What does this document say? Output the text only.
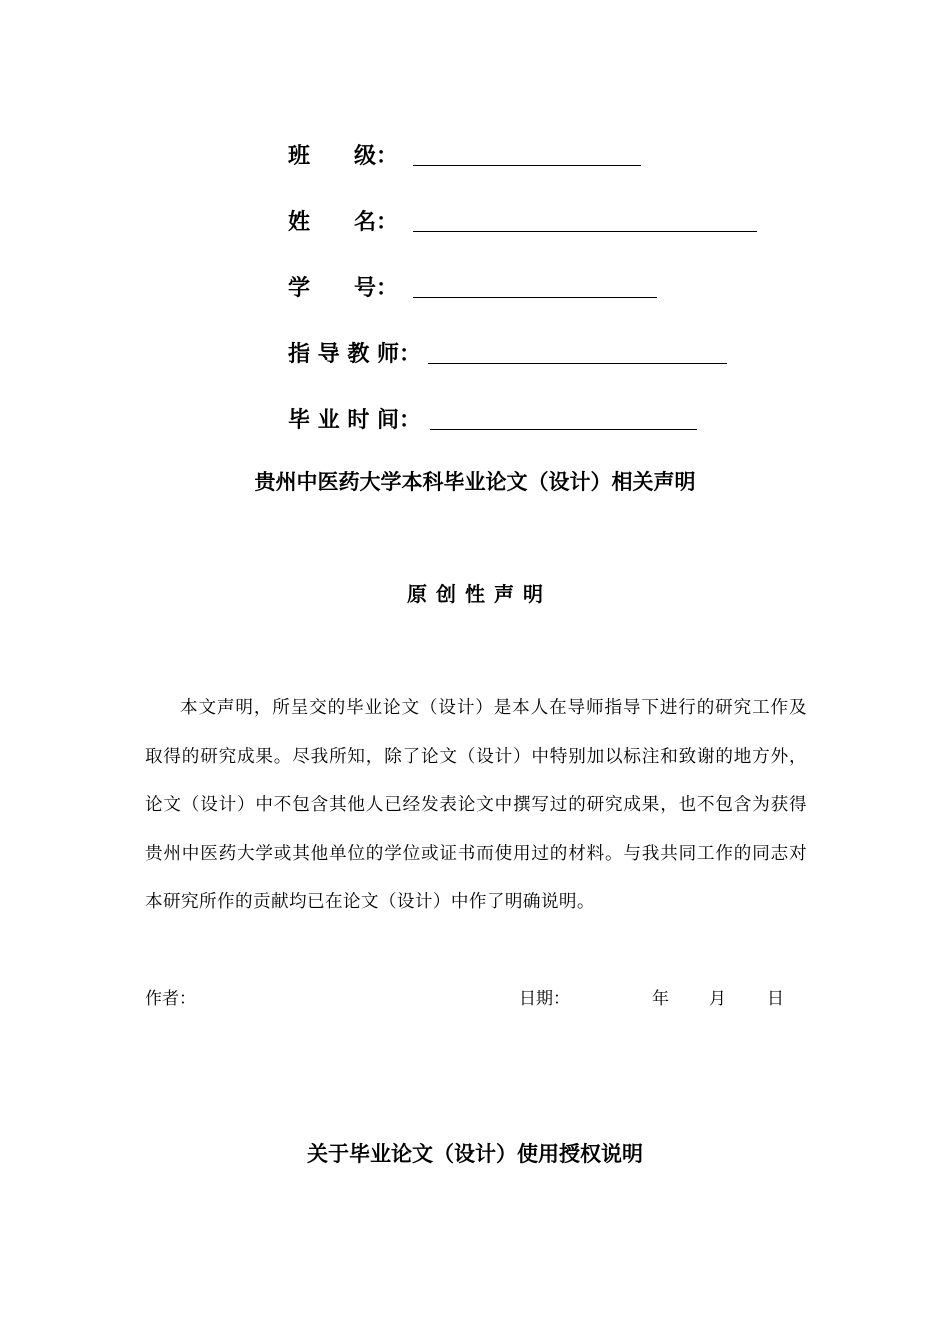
班　　级：
姓　　名：
学　　号：
指 导 教 师：
毕 业 时 间：
贵州中医药大学本科毕业论文（设计）相关声明
原创性声明
本文声明，所呈交的毕业论文（设计）是本人在导师指导下进行的研究工作及取得的研究成果。尽我所知，除了论文（设计）中特别加以标注和致谢的地方外，论文（设计）中不包含其他人已经发表论文中撰写过的研究成果，也不包含为获得贵州中医药大学或其他单位的学位或证书而使用过的材料。与我共同工作的同志对本研究所作的贡献均已在论文（设计）中作了明确说明。
作者：	日期：	年 月 日
关于毕业论文（设计）使用授权说明
